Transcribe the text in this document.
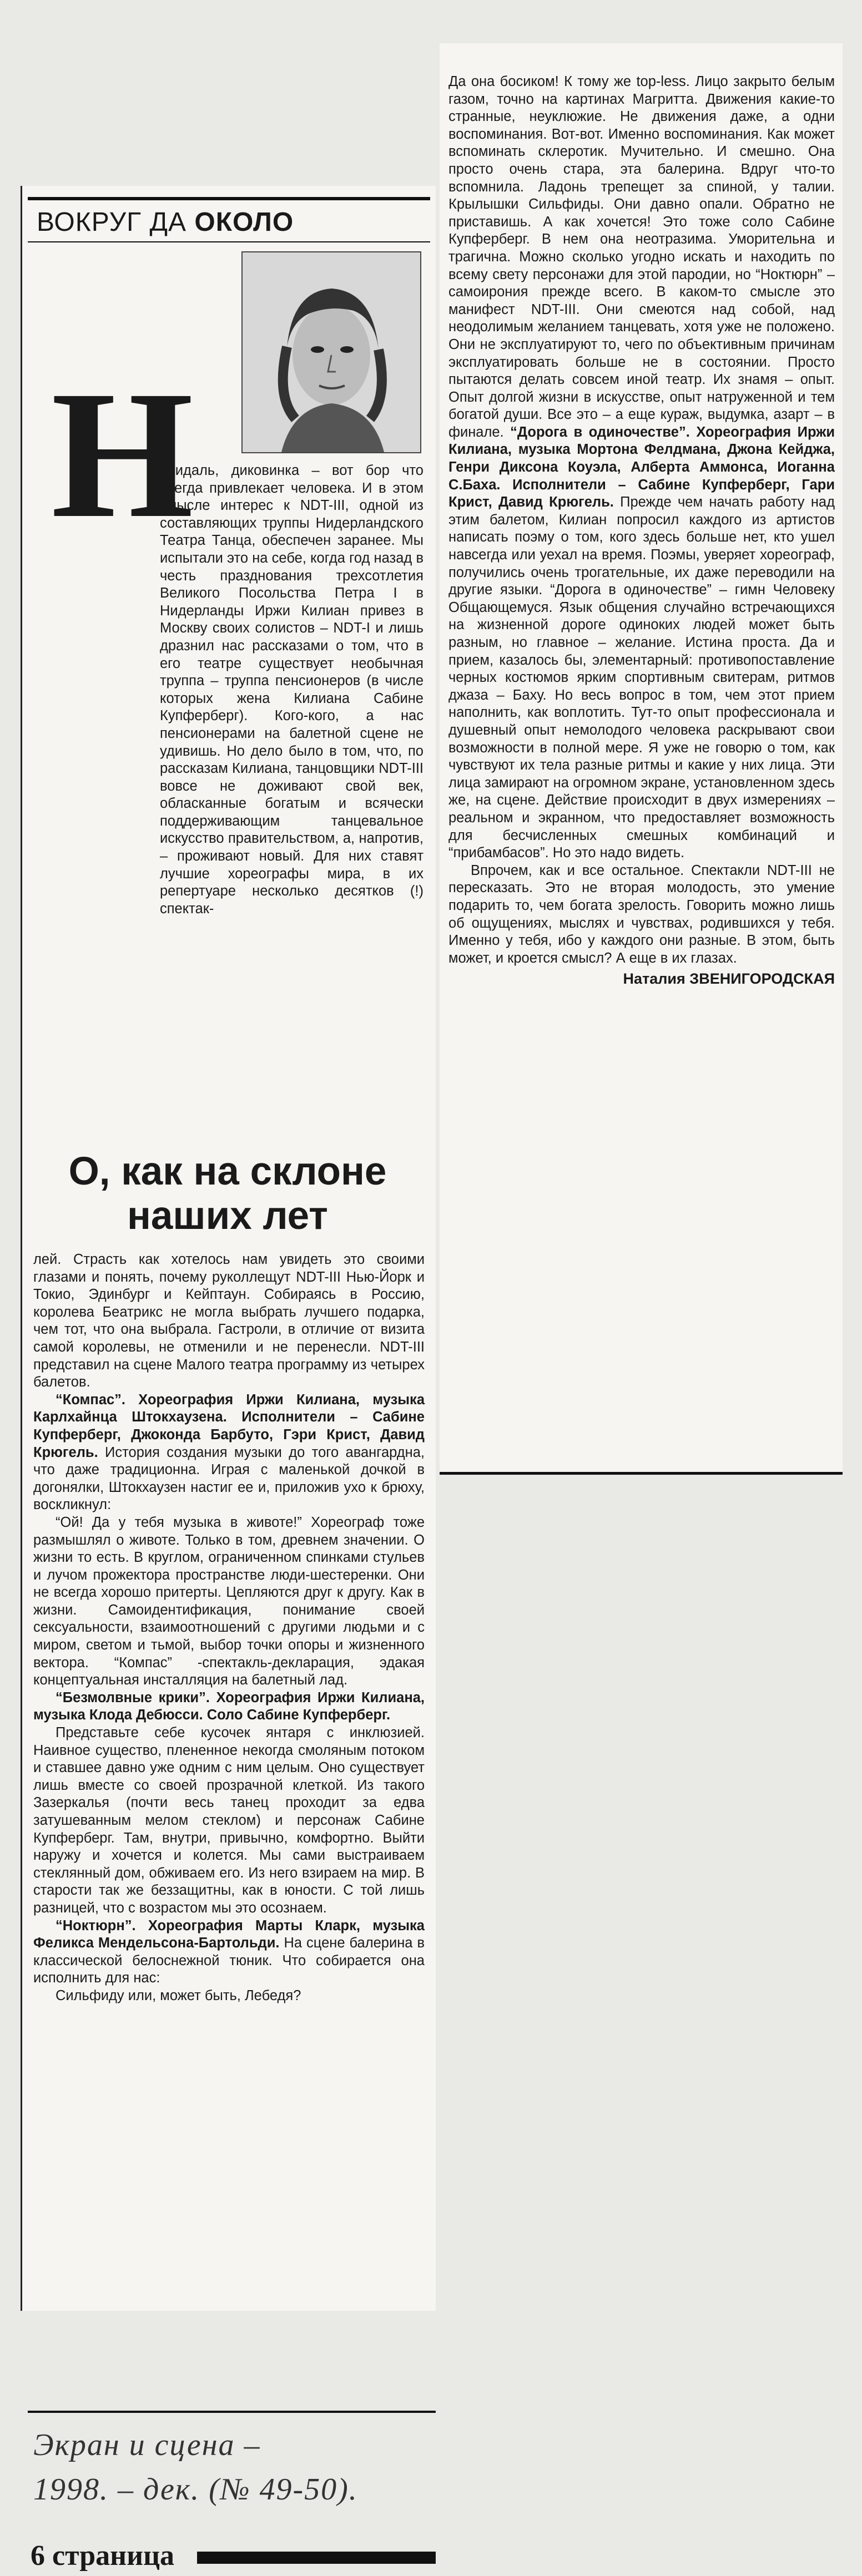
ВОКРУГ ДА ОКОЛО
Н

евидаль, диковинка – вот бор что всегда привлекает человека. И в этом смысле интерес к NDT-III, одной из составляющих труппы Нидерландского Театра Танца, обеспечен заранее. Мы испытали это на себе, когда год назад в честь празднования трехсотлетия Великого Посольства Петра I в Нидерланды Иржи Килиан привез в Москву своих солистов – NDT-I и лишь дразнил нас рассказами о том, что в его театре существует необычная труппа – труппа пенсионеров (в числе которых жена Килиана Сабине Купферберг). Кого-кого, а нас пенсионерами на балетной сцене не удивишь. Но дело было в том, что, по рассказам Килиана, танцовщики NDT-III вовсе не доживают свой век, обласканные богатым и всячески поддерживающим танцевальное искусство правительством, а, напротив, – проживают новый. Для них ставят лучшие хореографы мира, в их репертуаре несколько десятков (!) спектак-

О, как на склоне
наших лет

лей. Страсть как хотелось нам увидеть это своими глазами и понять, почему руколлещут NDT-III Нью-Йорк и Токио, Эдинбург и Кейптаун. Собираясь в Россию, королева Беатрикс не могла выбрать лучшего подарка, чем тот, что она выбрала. Гастроли, в отличие от визита самой королевы, не отменили и не перенесли. NDT-III представил на сцене Малого театра программу из четырех балетов.

“Компас”. Хореография Иржи Килиана, музыка Карлхайнца Штокхаузена. Исполнители – Сабине Купферберг, Джоконда Барбуто, Гэри Крист, Давид Крюгель. История создания музыки до того авангардна, что даже традиционна. Играя с маленькой дочкой в догонялки, Штокхаузен настиг ее и, приложив ухо к брюху, воскликнул:

“Ой! Да у тебя музыка в животе!” Хореограф тоже размышлял о животе. Только в том, древнем значении. О жизни то есть. В круглом, ограниченном спинками стульев и лучом прожектора пространстве люди-шестеренки. Они не всегда хорошо притерты. Цепляются друг к другу. Как в жизни. Самоидентификация, понимание своей сексуальности, взаимоотношений с другими людьми и с миром, светом и тьмой, выбор точки опоры и жизненного вектора. “Компас” -спектакль-декларация, эдакая концептуальная инсталляция на балетный лад.

“Безмолвные крики”. Хореография Иржи Килиана, музыка Клода Дебюсси. Соло Сабине Купферберг.

Представьте себе кусочек янтаря с инклюзией. Наивное существо, плененное некогда смоляным потоком и ставшее давно уже одним с ним целым. Оно существует лишь вместе со своей прозрачной клеткой. Из такого Зазеркалья (почти весь танец проходит за едва затушеванным мелом стеклом) и персонаж Сабине Купферберг. Там, внутри, привычно, комфортно. Выйти наружу и хочется и колется. Мы сами выстраиваем стеклянный дом, обживаем его. Из него взираем на мир. В старости так же беззащитны, как в юности. С той лишь разницей, что с возрастом мы это осознаем.

“Ноктюрн”. Хореография Марты Кларк, музыка Феликса Мендельсона-Бартольди. На сцене балерина в классической белоснежной тюник. Что собирается она исполнить для нас:

Сильфиду или, может быть, Лебедя?

Экран и сцена –
1998. – дек. (№ 49-50).
6 страница

Да она босиком! К тому же top-less. Лицо закрыто белым газом, точно на картинах Магритта. Движения какие-то странные, неуклюжие. Не движения даже, а одни воспоминания. Вот-вот. Именно воспоминания. Как может вспоминать склеротик. Мучительно. И смешно. Она просто очень стара, эта балерина. Вдруг что-то вспомнила. Ладонь трепещет за спиной, у талии. Крылышки Сильфиды. Они давно опали. Обратно не приставишь. А как хочется! Это тоже соло Сабине Купферберг. В нем она неотразима. Уморительна и трагична. Можно сколько угодно искать и находить по всему свету персонажи для этой пародии, но “Ноктюрн” – самоирония прежде всего. В каком-то смысле это манифест NDT-III. Они смеются над собой, над неодолимым желанием танцевать, хотя уже не положено. Они не эксплуатируют то, чего по объективным причинам эксплуатировать больше не в состоянии. Просто пытаются делать совсем иной театр. Их знамя – опыт. Опыт долгой жизни в искусстве, опыт натруженной и тем богатой души. Все это – а еще кураж, выдумка, азарт – в финале. “Дорога в одиночестве”. Хореография Иржи Килиана, музыка Мортона Фелдмана, Джона Кейджа, Генри Диксона Коуэла, Алберта Аммонса, Иоганна С.Баха. Исполнители – Сабине Купферберг, Гари Крист, Давид Крюгель. Прежде чем начать работу над этим балетом, Килиан попросил каждого из артистов написать поэму о том, кого здесь больше нет, кто ушел навсегда или уехал на время. Поэмы, уверяет хореограф, получились очень трогательные, их даже переводили на другие языки. “Дорога в одиночестве” – гимн Человеку Общающемуся. Язык общения случайно встречающихся на жизненной дороге одиноких людей может быть разным, но главное – желание. Истина проста. Да и прием, казалось бы, элементарный: противопоставление черных костюмов ярким спортивным свитерам, ритмов джаза – Баху. Но весь вопрос в том, чем этот прием наполнить, как воплотить. Тут-то опыт профессионала и душевный опыт немолодого человека раскрывают свои возможности в полной мере. Я уже не говорю о том, как чувствуют их тела разные ритмы и какие у них лица. Эти лица замирают на огромном экране, установленном здесь же, на сцене. Действие происходит в двух измерениях – реальном и экранном, что предоставляет возможность для бесчисленных смешных комбинаций и “прибамбасов”. Но это надо видеть.

Впрочем, как и все остальное. Спектакли NDT-III не пересказать. Это не вторая молодость, это умение подарить то, чем богата зрелость. Говорить можно лишь об ощущениях, мыслях и чувствах, родившихся у тебя. Именно у тебя, ибо у каждого они разные. В этом, быть может, и кроется смысл? А еще в их глазах.

Наталия ЗВЕНИГОРОДСКАЯ
